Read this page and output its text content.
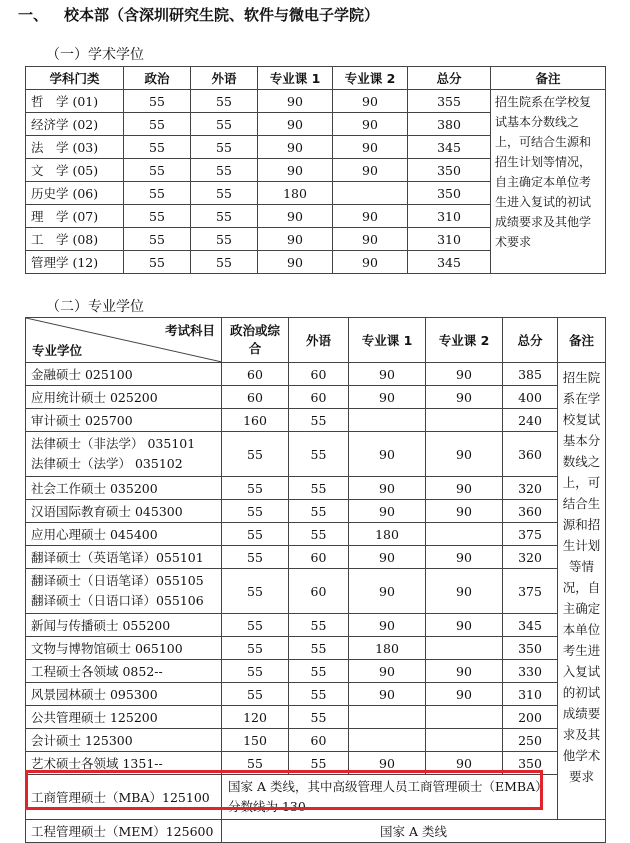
一、 校本部（含深圳研究生院、软件与微电子学院）
（一）学术学位
学科门类	政治	外语	专业课 1	专业课 2	总分	备注
哲　学 (01)	55	55	90	90	355	招生院系在学校复试基本分数线之上，可结合生源和招生计划等情况，自主确定本单位考生进入复试的初试成绩要求及其他学术要求
经济学 (02)	55	55	90	90	380	
法　学 (03)	55	55	90	90	345	
文　学 (05)	55	55	90	90	350	
历史学 (06)	55	55	180		350	
理　学 (07)	55	55	90	90	310	
工　学 (08)	55	55	90	90	310	
管理学 (12)	55	55	90	90	345	
（二）专业学位
考试科目
专业学位	政治或综合	外语	专业课 1	专业课 2	总分	备注

金融硕士 025100	60	60	90	90	385	招生院系在学校复试基本分数线之上，可结合生源和招生计划等情况，自主确定本单位考生进入复试的初试成绩要求及其他学术要求

应用统计硕士 025200	60	60	90	90	400	

审计硕士 025700	160	55			240	

法律硕士（非法学） 035101
法律硕士（法学） 035102	55	55	90	90	360	

社会工作硕士 035200	55	55	90	90	320	

汉语国际教育硕士 045300	55	55	90	90	360	

应用心理硕士 045400	55	55	180		375	

翻译硕士（英语笔译）055101	55	60	90	90	320	

翻译硕士（日语笔译）055105
翻译硕士（日语口译）055106	55	60	90	90	375	

新闻与传播硕士 055200	55	55	90	90	345	

文物与博物馆硕士 065100	55	55	180		350	

工程硕士各领域 0852--	55	55	90	90	330	

风景园林硕士 095300	55	55	90	90	310	

公共管理硕士 125200	120	55			200	

会计硕士 125300	150	60			250	

艺术硕士各领域 1351--	55	55	90	90	350	
工商管理硕士（MBA）125100	国家 A 类线，其中高级管理人员工商管理硕士（EMBA）分数线为 130					
工程管理硕士（MEM）125600	国家 A 类线					
